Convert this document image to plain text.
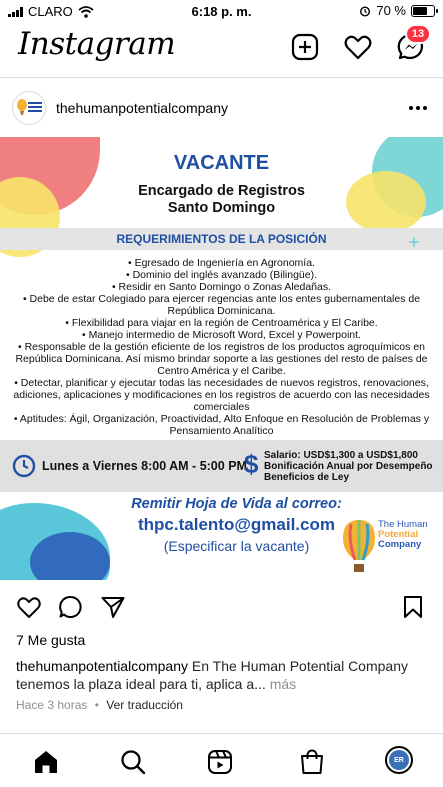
CLARO	6:18 p. m.	70 %
Instagram	13
thehumanpotentialcompany
VACANTE
Encargado de Registros
Santo Domingo
REQUERIMIENTOS DE LA POSICIÓN
• Egresado de Ingeniería en Agronomía.
• Dominio del inglés avanzado (Bilingüe).
• Residir en Santo Domingo o Zonas Aledañas.
• Debe de estar Colegiado para ejercer regencias ante los entes gubernamentales de República Dominicana.
• Flexibilidad para viajar en la región de Centroamérica y El Caribe.
• Manejo intermedio de Microsoft Word, Excel y Powerpoint.
• Responsable de la gestión eficiente de los registros de los productos agroquímicos en República Dominicana. Así mismo brindar soporte a las gestiones del resto de países de Centro América y el Caribe.
• Detectar, planificar y ejecutar todas las necesidades de nuevos registros, renovaciones, adiciones, aplicaciones y modificaciones en los registros de acuerdo con las necesidades comerciales
• Aptitudes: Ágil, Organización, Proactividad, Alto Enfoque en Resolución de Problemas y Pensamiento Analítico
Lunes a Viernes 8:00 AM - 5:00 PM
$ Salario: USD$1,300 a USD$1,800
Bonificación Anual por Desempeño
Beneficios de Ley
Remitir Hoja de Vida al correo:
thpc.talento@gmail.com
(Especificar la vacante)
The Human
Potential
Company
7 Me gusta
thehumanpotentialcompany En The Human Potential Company tenemos la plaza ideal para ti, aplica a... más
Hace 3 horas • Ver traducción
ER
